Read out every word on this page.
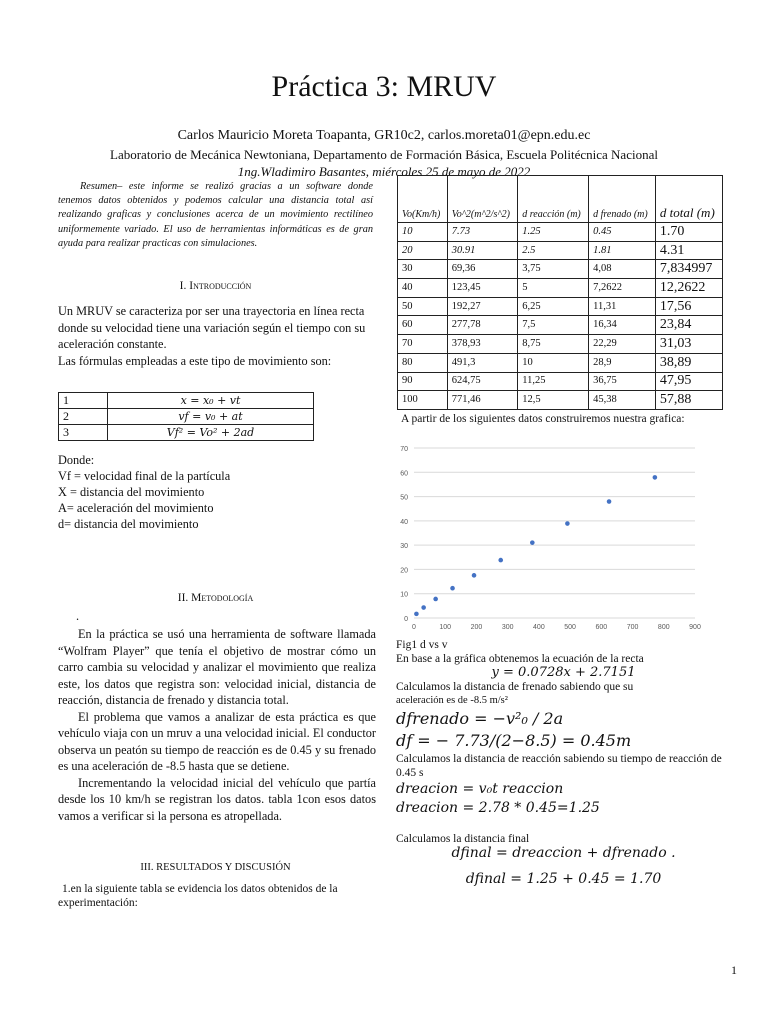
Práctica 3: MRUV
Carlos Mauricio Moreta Toapanta, GR10c2, carlos.moreta01@epn.edu.ec
Laboratorio de Mecánica Newtoniana, Departamento de Formación Básica, Escuela Politécnica Nacional
1ng.Wladimiro Basantes, miércoles 25 de mayo de 2022
Resumen– este informe se realizó gracias a un software donde tenemos datos obtenidos y podemos calcular una distancia total así realizando graficas y conclusiones acerca de un movimiento rectilíneo uniformemente variado. El uso de herramientas informáticas es de gran ayuda para realizar practicas con simulaciones.
I. Introducción
Un MRUV se caracteriza por ser una trayectoria en línea recta donde su velocidad tiene una variación según el tiempo con su aceleración constante.
Las fórmulas empleadas a este tipo de movimiento son:
1	x = x₀ + vt
2	vf = v₀ + at
3	Vf² = Vo² + 2ad
Donde:
Vf = velocidad final de la partícula
X = distancia del movimiento
A= aceleración del movimiento
d= distancia del movimiento
II. Metodología
.
En la práctica se usó una herramienta de software llamada “Wolfram Player” que tenía el objetivo de mostrar cómo un carro cambia su velocidad y analizar el movimiento que realiza este, los datos que registra son: velocidad inicial, distancia de reacción, distancia de frenado y distancia total.
El problema que vamos a analizar de esta práctica es que vehículo viaja con un mruv a una velocidad inicial. El conductor observa un peatón su tiempo de reacción es de 0.45 y su frenado es una aceleración de -8.5 hasta que se detiene.
Incrementando la velocidad inicial del vehículo que partía desde los 10 km/h se registran los datos. tabla 1con esos datos vamos a verificar si la persona es atropellada.
III. RESULTADOS Y DISCUSIÓN
1.en la siguiente tabla se evidencia los datos obtenidos de la experimentación:
Vo(Km/h)	Vo^2(m^2/s^2)	d reacción (m)	d frenado (m)	d total (m)
10	7.73	1.25	0.45	1.70
20	30.91	2.5	1.81	4.31
30	69,36	3,75	4,08	7,834997
40	123,45	5	7,2622	12,2622
50	192,27	6,25	11,31	17,56
60	277,78	7,5	16,34	23,84
70	378,93	8,75	22,29	31,03
80	491,3	10	28,9	38,89
90	624,75	11,25	36,75	47,95
100	771,46	12,5	45,38	57,88
A partir de los siguientes datos construiremos nuestra grafica:
0
10
20
30
40
50
60
70
0	100	200	300	400	500	600	700	800	900
Fig1 d vs v
En base a la gráfica obtenemos la ecuación de la recta
y = 0.0728x + 2.7151
Calculamos la distancia de frenado sabiendo que su
aceleración es de -8.5 m/s²
dfrenado = −v²₀ / 2a
df = − 7.73/(2−8.5) = 0.45m
Calculamos la distancia de reacción sabiendo su tiempo de reacción de 0.45 s
dreacion = v₀t reaccion
dreacion = 2.78 * 0.45=1.25
Calculamos la distancia final
dfinal = dreaccion + dfrenado .
dfinal = 1.25 + 0.45 = 1.70
1
